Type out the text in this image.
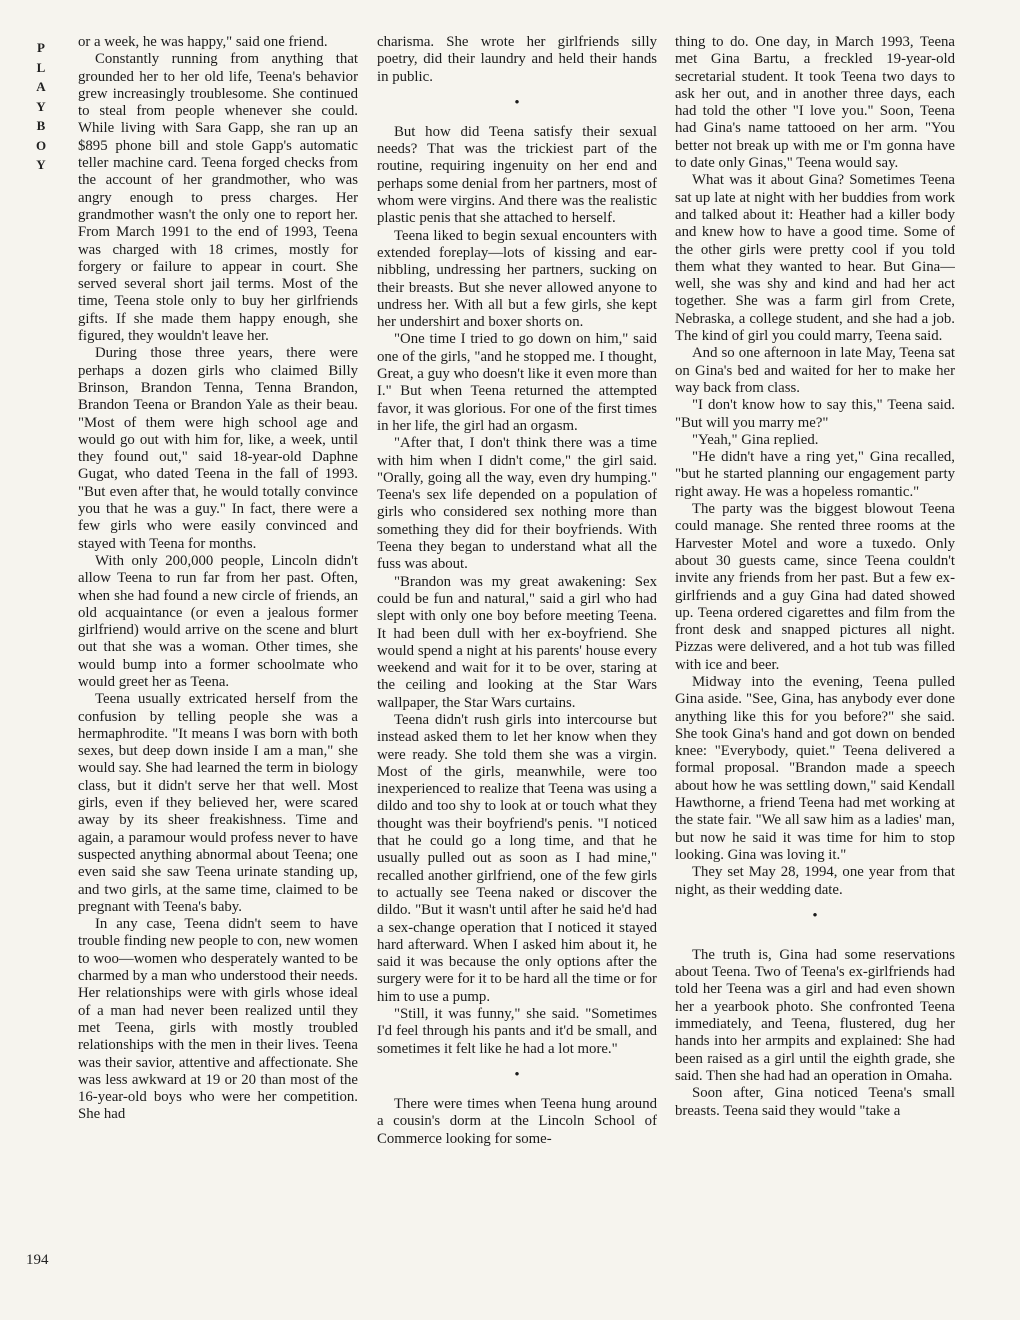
P
L
A
Y
B
O
Y
194

or a week, he was happy," said one friend.

Constantly running from anything that grounded her to her old life, Teena's behavior grew increasingly troublesome. She continued to steal from people whenever she could. While living with Sara Gapp, she ran up an $895 phone bill and stole Gapp's automatic teller machine card. Teena forged checks from the account of her grandmother, who was angry enough to press charges. Her grandmother wasn't the only one to report her. From March 1991 to the end of 1993, Teena was charged with 18 crimes, mostly for forgery or failure to appear in court. She served several short jail terms. Most of the time, Teena stole only to buy her girlfriends gifts. If she made them happy enough, she figured, they wouldn't leave her.

During those three years, there were perhaps a dozen girls who claimed Billy Brinson, Brandon Tenna, Tenna Brandon, Brandon Teena or Brandon Yale as their beau. "Most of them were high school age and would go out with him for, like, a week, until they found out," said 18-year-old Daphne Gugat, who dated Teena in the fall of 1993. "But even after that, he would totally convince you that he was a guy." In fact, there were a few girls who were easily convinced and stayed with Teena for months.

With only 200,000 people, Lincoln didn't allow Teena to run far from her past. Often, when she had found a new circle of friends, an old acquaintance (or even a jealous former girlfriend) would arrive on the scene and blurt out that she was a woman. Other times, she would bump into a former schoolmate who would greet her as Teena.

Teena usually extricated herself from the confusion by telling people she was a hermaphrodite. "It means I was born with both sexes, but deep down inside I am a man," she would say. She had learned the term in biology class, but it didn't serve her that well. Most girls, even if they believed her, were scared away by its sheer freakishness. Time and again, a paramour would profess never to have suspected anything abnormal about Teena; one even said she saw Teena urinate standing up, and two girls, at the same time, claimed to be pregnant with Teena's baby.

In any case, Teena didn't seem to have trouble finding new people to con, new women to woo—women who desperately wanted to be charmed by a man who understood their needs. Her relationships were with girls whose ideal of a man had never been realized until they met Teena, girls with mostly troubled relationships with the men in their lives. Teena was their savior, attentive and affectionate. She was less awkward at 19 or 20 than most of the 16-year-old boys who were her competition. She had

charisma. She wrote her girlfriends silly poetry, did their laundry and held their hands in public.

•

But how did Teena satisfy their sexual needs? That was the trickiest part of the routine, requiring ingenuity on her end and perhaps some denial from her partners, most of whom were virgins. And there was the realistic plastic penis that she attached to herself.

Teena liked to begin sexual encounters with extended foreplay—lots of kissing and ear-nibbling, undressing her partners, sucking on their breasts. But she never allowed anyone to undress her. With all but a few girls, she kept her undershirt and boxer shorts on.

"One time I tried to go down on him," said one of the girls, "and he stopped me. I thought, Great, a guy who doesn't like it even more than I." But when Teena returned the attempted favor, it was glorious. For one of the first times in her life, the girl had an orgasm.

"After that, I don't think there was a time with him when I didn't come," the girl said. "Orally, going all the way, even dry humping." Teena's sex life depended on a population of girls who considered sex nothing more than something they did for their boyfriends. With Teena they began to understand what all the fuss was about.

"Brandon was my great awakening: Sex could be fun and natural," said a girl who had slept with only one boy before meeting Teena. It had been dull with her ex-boyfriend. She would spend a night at his parents' house every weekend and wait for it to be over, staring at the ceiling and looking at the Star Wars wallpaper, the Star Wars curtains.

Teena didn't rush girls into intercourse but instead asked them to let her know when they were ready. She told them she was a virgin. Most of the girls, meanwhile, were too inexperienced to realize that Teena was using a dildo and too shy to look at or touch what they thought was their boyfriend's penis. "I noticed that he could go a long time, and that he usually pulled out as soon as I had mine," recalled another girlfriend, one of the few girls to actually see Teena naked or discover the dildo. "But it wasn't until after he said he'd had a sex-change operation that I noticed it stayed hard afterward. When I asked him about it, he said it was because the only options after the surgery were for it to be hard all the time or for him to use a pump.

"Still, it was funny," she said. "Sometimes I'd feel through his pants and it'd be small, and sometimes it felt like he had a lot more."

•

There were times when Teena hung around a cousin's dorm at the Lincoln School of Commerce looking for some-

thing to do. One day, in March 1993, Teena met Gina Bartu, a freckled 19-year-old secretarial student. It took Teena two days to ask her out, and in another three days, each had told the other "I love you." Soon, Teena had Gina's name tattooed on her arm. "You better not break up with me or I'm gonna have to date only Ginas," Teena would say.

What was it about Gina? Sometimes Teena sat up late at night with her buddies from work and talked about it: Heather had a killer body and knew how to have a good time. Some of the other girls were pretty cool if you told them what they wanted to hear. But Gina—well, she was shy and kind and had her act together. She was a farm girl from Crete, Nebraska, a college student, and she had a job. The kind of girl you could marry, Teena said.

And so one afternoon in late May, Teena sat on Gina's bed and waited for her to make her way back from class.

"I don't know how to say this," Teena said. "But will you marry me?"

"Yeah," Gina replied.

"He didn't have a ring yet," Gina recalled, "but he started planning our engagement party right away. He was a hopeless romantic."

The party was the biggest blowout Teena could manage. She rented three rooms at the Harvester Motel and wore a tuxedo. Only about 30 guests came, since Teena couldn't invite any friends from her past. But a few ex-girlfriends and a guy Gina had dated showed up. Teena ordered cigarettes and film from the front desk and snapped pictures all night. Pizzas were delivered, and a hot tub was filled with ice and beer.

Midway into the evening, Teena pulled Gina aside. "See, Gina, has anybody ever done anything like this for you before?" she said. She took Gina's hand and got down on bended knee: "Everybody, quiet." Teena delivered a formal proposal. "Brandon made a speech about how he was settling down," said Kendall Hawthorne, a friend Teena had met working at the state fair. "We all saw him as a ladies' man, but now he said it was time for him to stop looking. Gina was loving it."

They set May 28, 1994, one year from that night, as their wedding date.

•

The truth is, Gina had some reservations about Teena. Two of Teena's ex-girlfriends had told her Teena was a girl and had even shown her a yearbook photo. She confronted Teena immediately, and Teena, flustered, dug her hands into her armpits and explained: She had been raised as a girl until the eighth grade, she said. Then she had had an operation in Omaha.

Soon after, Gina noticed Teena's small breasts. Teena said they would "take a
